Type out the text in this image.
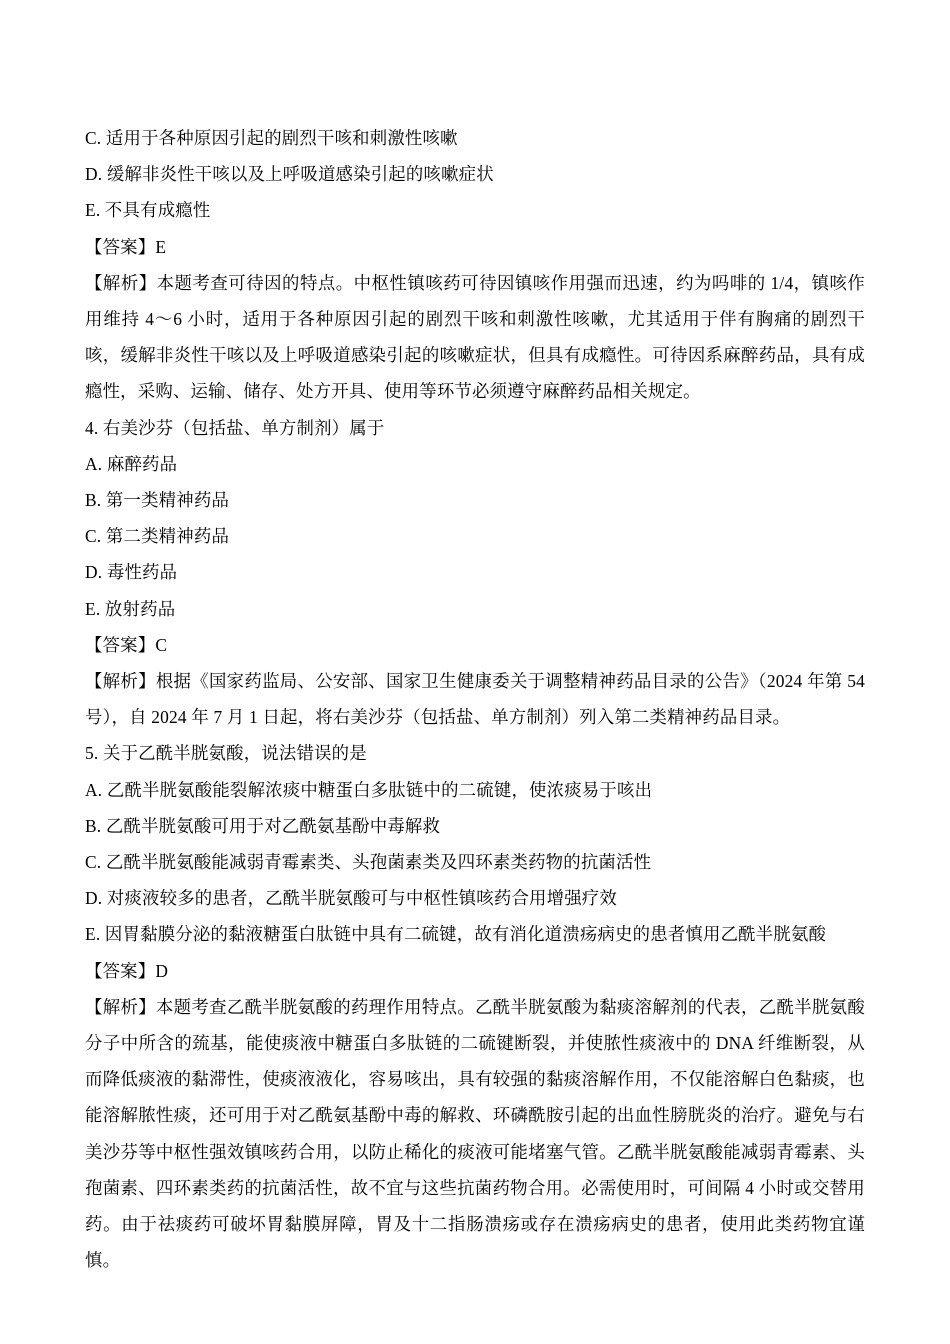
C. 适用于各种原因引起的剧烈干咳和刺激性咳嗽

D. 缓解非炎性干咳以及上呼吸道感染引起的咳嗽症状

E. 不具有成瘾性

【答案】E

【解析】本题考查可待因的特点。中枢性镇咳药可待因镇咳作用强而迅速，约为吗啡的 1/4，镇咳作用维持 4～6 小时，适用于各种原因引起的剧烈干咳和刺激性咳嗽，尤其适用于伴有胸痛的剧烈干咳，缓解非炎性干咳以及上呼吸道感染引起的咳嗽症状，但具有成瘾性。可待因系麻醉药品，具有成瘾性，采购、运输、储存、处方开具、使用等环节必须遵守麻醉药品相关规定。

4. 右美沙芬（包括盐、单方制剂）属于

A. 麻醉药品

B. 第一类精神药品

C. 第二类精神药品

D. 毒性药品

E. 放射药品

【答案】C

【解析】根据《国家药监局、公安部、国家卫生健康委关于调整精神药品目录的公告》（2024 年第 54 号），自 2024 年 7 月 1 日起，将右美沙芬（包括盐、单方制剂）列入第二类精神药品目录。

5. 关于乙酰半胱氨酸，说法错误的是

A. 乙酰半胱氨酸能裂解浓痰中糖蛋白多肽链中的二硫键，使浓痰易于咳出

B. 乙酰半胱氨酸可用于对乙酰氨基酚中毒解救

C. 乙酰半胱氨酸能减弱青霉素类、头孢菌素类及四环素类药物的抗菌活性

D. 对痰液较多的患者，乙酰半胱氨酸可与中枢性镇咳药合用增强疗效

E. 因胃黏膜分泌的黏液糖蛋白肽链中具有二硫键，故有消化道溃疡病史的患者慎用乙酰半胱氨酸

【答案】D

【解析】本题考查乙酰半胱氨酸的药理作用特点。乙酰半胱氨酸为黏痰溶解剂的代表，乙酰半胱氨酸分子中所含的巯基，能使痰液中糖蛋白多肽链的二硫键断裂，并使脓性痰液中的 DNA 纤维断裂，从而降低痰液的黏滞性，使痰液液化，容易咳出，具有较强的黏痰溶解作用，不仅能溶解白色黏痰，也能溶解脓性痰，还可用于对乙酰氨基酚中毒的解救、环磷酰胺引起的出血性膀胱炎的治疗。避免与右美沙芬等中枢性强效镇咳药合用，以防止稀化的痰液可能堵塞气管。乙酰半胱氨酸能减弱青霉素、头孢菌素、四环素类药的抗菌活性，故不宜与这些抗菌药物合用。必需使用时，可间隔 4 小时或交替用药。由于祛痰药可破坏胃黏膜屏障，胃及十二指肠溃疡或存在溃疡病史的患者，使用此类药物宜谨慎。
